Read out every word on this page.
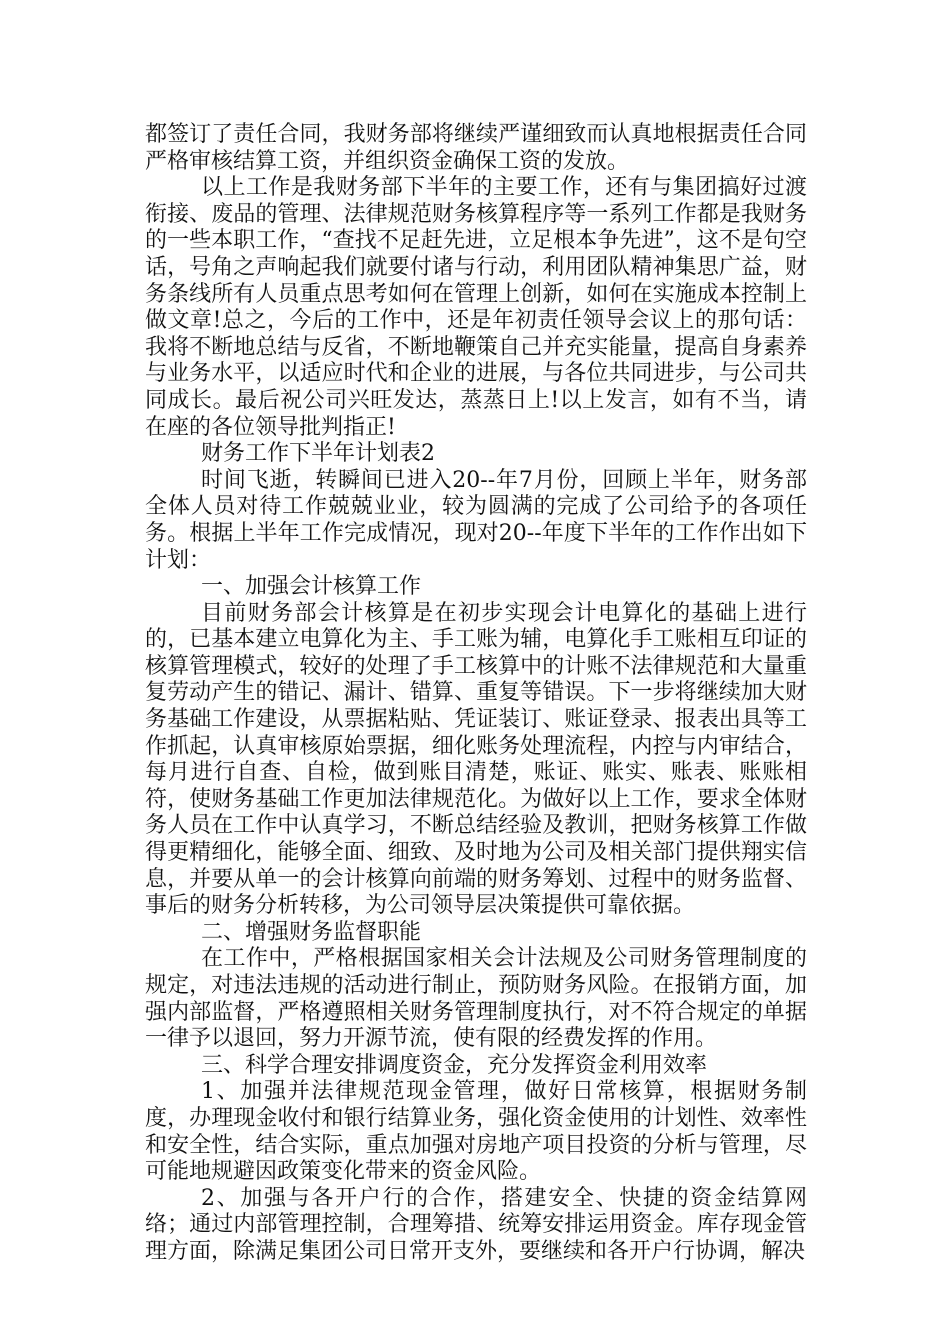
都签订了责任合同，我财务部将继续严谨细致而认真地根据责任合同严格审核结算工资，并组织资金确保工资的发放。

以上工作是我财务部下半年的主要工作，还有与集团搞好过渡衔接、废品的管理、法律规范财务核算程序等一系列工作都是我财务的一些本职工作，“查找不足赶先进，立足根本争先进”，这不是句空话，号角之声响起我们就要付诸与行动，利用团队精神集思广益，财务条线所有人员重点思考如何在管理上创新，如何在实施成本控制上做文章!总之，今后的工作中，还是年初责任领导会议上的那句话：我将不断地总结与反省，不断地鞭策自己并充实能量，提高自身素养与业务水平，以适应时代和企业的进展，与各位共同进步，与公司共同成长。最后祝公司兴旺发达，蒸蒸日上!以上发言，如有不当，请在座的各位领导批判指正!

财务工作下半年计划表2

时间飞逝，转瞬间已进入20--年7月份，回顾上半年，财务部全体人员对待工作兢兢业业，较为圆满的完成了公司给予的各项任务。根据上半年工作完成情况，现对20--年度下半年的工作作出如下计划：

一、加强会计核算工作

目前财务部会计核算是在初步实现会计电算化的基础上进行的，已基本建立电算化为主、手工账为辅，电算化手工账相互印证的核算管理模式，较好的处理了手工核算中的计账不法律规范和大量重复劳动产生的错记、漏计、错算、重复等错误。下一步将继续加大财务基础工作建设，从票据粘贴、凭证装订、账证登录、报表出具等工作抓起，认真审核原始票据，细化账务处理流程，内控与内审结合，每月进行自查、自检，做到账目清楚，账证、账实、账表、账账相符，使财务基础工作更加法律规范化。为做好以上工作，要求全体财务人员在工作中认真学习，不断总结经验及教训，把财务核算工作做得更精细化，能够全面、细致、及时地为公司及相关部门提供翔实信息，并要从单一的会计核算向前端的财务筹划、过程中的财务监督、事后的财务分析转移，为公司领导层决策提供可靠依据。

二、增强财务监督职能

在工作中，严格根据国家相关会计法规及公司财务管理制度的规定，对违法违规的活动进行制止，预防财务风险。在报销方面，加强内部监督，严格遵照相关财务管理制度执行，对不符合规定的单据一律予以退回，努力开源节流，使有限的经费发挥的作用。

三、科学合理安排调度资金，充分发挥资金利用效率

1、加强并法律规范现金管理，做好日常核算，根据财务制度，办理现金收付和银行结算业务，强化资金使用的计划性、效率性和安全性，结合实际，重点加强对房地产项目投资的分析与管理，尽可能地规避因政策变化带来的资金风险。

2、加强与各开户行的合作，搭建安全、快捷的资金结算网络；通过内部管理控制，合理筹措、统筹安排运用资金。库存现金管理方面，除满足集团公司日常开支外，要继续和各开户行协调，解决
